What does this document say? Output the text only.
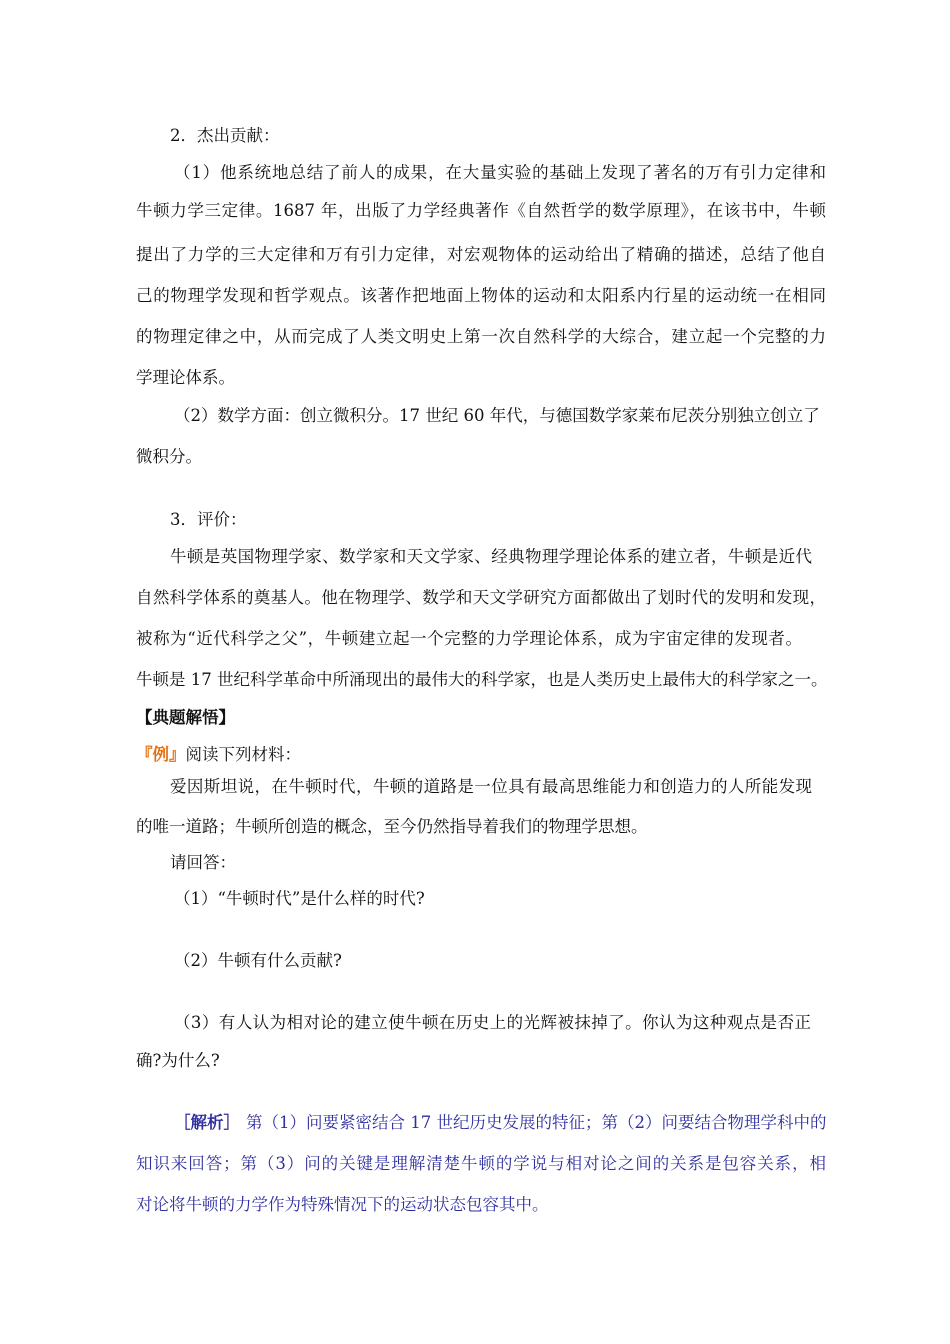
2．杰出贡献：
（1）他系统地总结了前人的成果，在大量实验的基础上发现了著名的万有引力定律和
牛顿力学三定律。1687 年，出版了力学经典著作《自然哲学的数学原理》，在该书中，牛顿
提出了力学的三大定律和万有引力定律，对宏观物体的运动给出了精确的描述，总结了他自
己的物理学发现和哲学观点。该著作把地面上物体的运动和太阳系内行星的运动统一在相同
的物理定律之中，从而完成了人类文明史上第一次自然科学的大综合，建立起一个完整的力
学理论体系。
（2）数学方面：创立微积分。17 世纪 60 年代，与德国数学家莱布尼茨分别独立创立了
微积分。
3．评价：
牛顿是英国物理学家、数学家和天文学家、经典物理学理论体系的建立者，牛顿是近代
自然科学体系的奠基人。他在物理学、数学和天文学研究方面都做出了划时代的发明和发现，
被称为“近代科学之父”，牛顿建立起一个完整的力学理论体系，成为宇宙定律的发现者。
牛顿是 17 世纪科学革命中所涌现出的最伟大的科学家，也是人类历史上最伟大的科学家之一。
【典题解悟】
『例』阅读下列材料：
爱因斯坦说，在牛顿时代，牛顿的道路是一位具有最高思维能力和创造力的人所能发现
的唯一道路；牛顿所创造的概念，至今仍然指导着我们的物理学思想。
请回答：
（1）“牛顿时代”是什么样的时代?
（2）牛顿有什么贡献?
（3）有人认为相对论的建立使牛顿在历史上的光辉被抹掉了。你认为这种观点是否正
确?为什么?
［解析］ 第（1）问要紧密结合 17 世纪历史发展的特征；第（2）问要结合物理学科中的
知识来回答；第（3）问的关键是理解清楚牛顿的学说与相对论之间的关系是包容关系，相
对论将牛顿的力学作为特殊情况下的运动状态包容其中。
